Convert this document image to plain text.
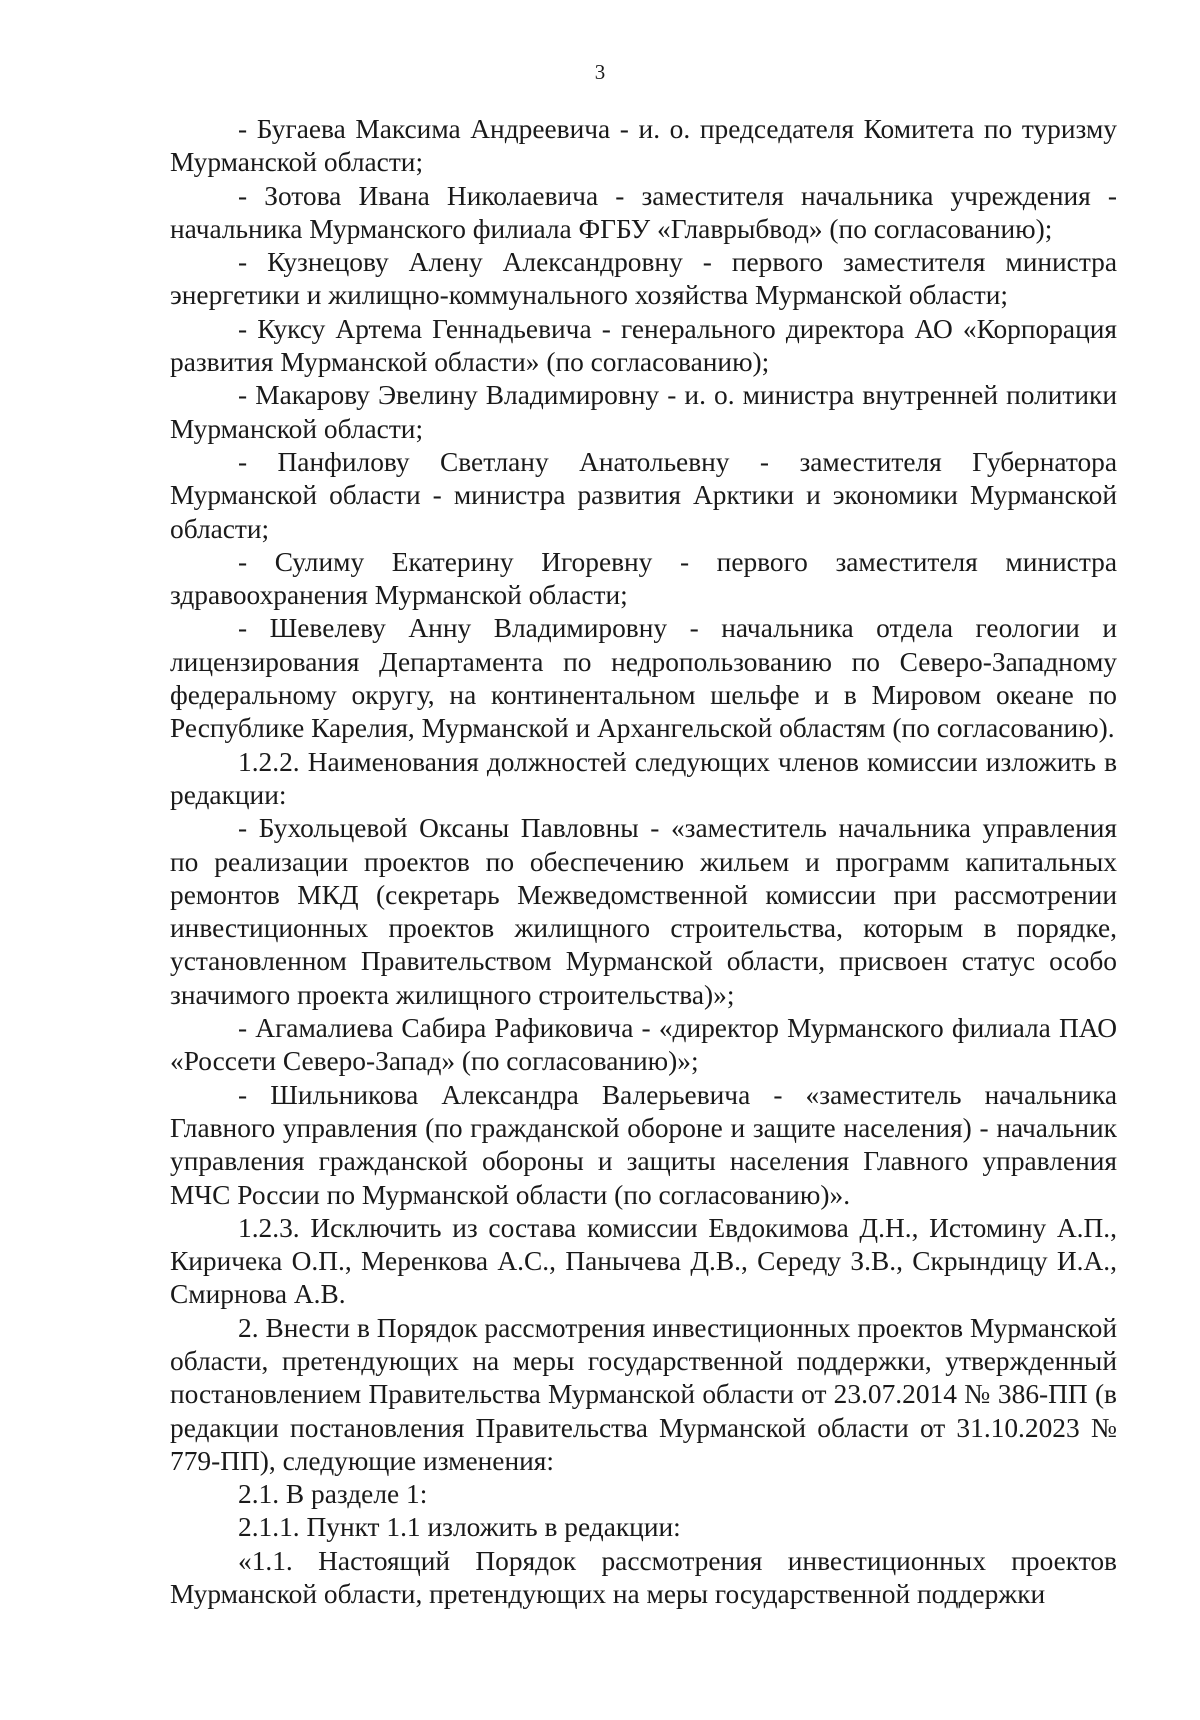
3

- Бугаева Максима Андреевича - и. о. председателя Комитета по туризму Мурманской области;

- Зотова Ивана Николаевича - заместителя начальника учреждения - начальника Мурманского филиала ФГБУ «Главрыбвод» (по согласованию);

- Кузнецову Алену Александровну - первого заместителя министра энергетики и жилищно-коммунального хозяйства Мурманской области;

- Куксу Артема Геннадьевича - генерального директора АО «Корпорация развития Мурманской области» (по согласованию);

- Макарову Эвелину Владимировну - и. о. министра внутренней политики Мурманской области;

- Панфилову Светлану Анатольевну - заместителя Губернатора Мурманской области - министра развития Арктики и экономики Мурманской области;

- Сулиму Екатерину Игоревну - первого заместителя министра здравоохранения Мурманской области;

- Шевелеву Анну Владимировну - начальника отдела геологии и лицензирования Департамента по недропользованию по Северо-Западному федеральному округу, на континентальном шельфе и в Мировом океане по Республике Карелия, Мурманской и Архангельской областям (по согласованию).

1.2.2. Наименования должностей следующих членов комиссии изложить в редакции:

- Бухольцевой Оксаны Павловны - «заместитель начальника управления по реализации проектов по обеспечению жильем и программ капитальных ремонтов МКД (секретарь Межведомственной комиссии при рассмотрении инвестиционных проектов жилищного строительства, которым в порядке, установленном Правительством Мурманской области, присвоен статус особо значимого проекта жилищного строительства)»;

- Агамалиева Сабира Рафиковича - «директор Мурманского филиала ПАО «Россети Северо-Запад» (по согласованию)»;

- Шильникова Александра Валерьевича - «заместитель начальника Главного управления (по гражданской обороне и защите населения) - начальник управления гражданской обороны и защиты населения Главного управления МЧС России по Мурманской области (по согласованию)».

1.2.3. Исключить из состава комиссии Евдокимова Д.Н., Истомину А.П., Киричека О.П., Меренкова А.С., Панычева Д.В., Середу З.В., Скрындицу И.А., Смирнова А.В.

2. Внести в Порядок рассмотрения инвестиционных проектов Мурманской области, претендующих на меры государственной поддержки, утвержденный постановлением Правительства Мурманской области от 23.07.2014 № 386-ПП (в редакции постановления Правительства Мурманской области от 31.10.2023 № 779-ПП), следующие изменения:

2.1. В разделе 1:

2.1.1. Пункт 1.1 изложить в редакции:

«1.1. Настоящий Порядок рассмотрения инвестиционных проектов Мурманской области, претендующих на меры государственной поддержки
